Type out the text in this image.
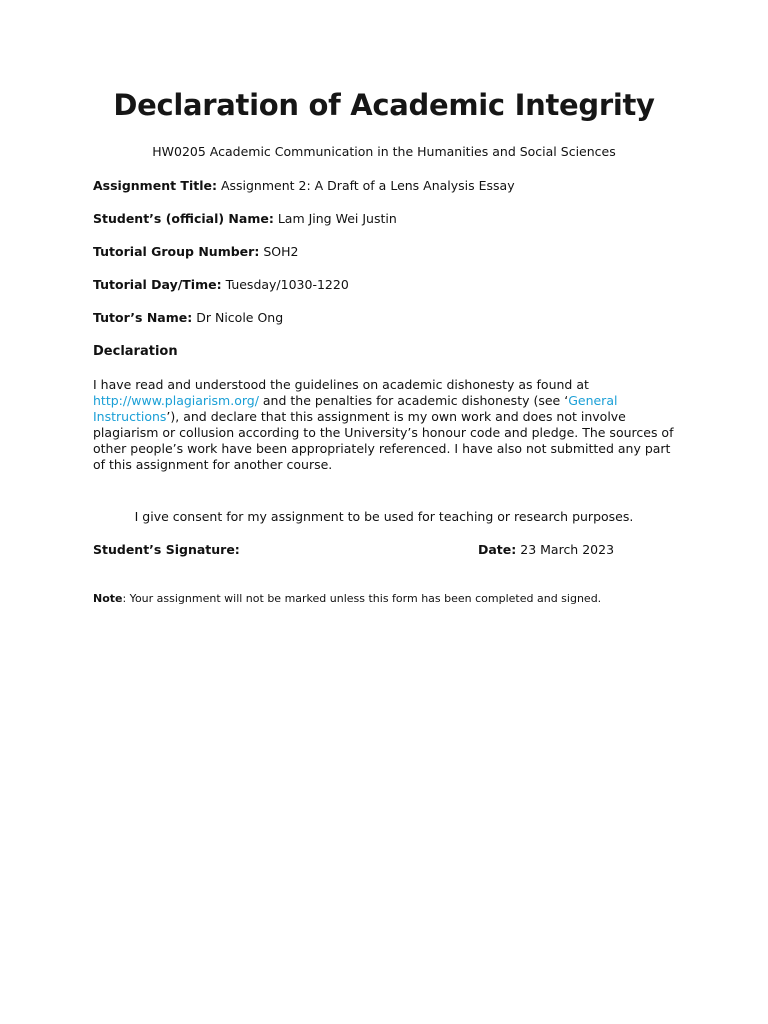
Declaration of Academic Integrity
HW0205 Academic Communication in the Humanities and Social Sciences
Assignment Title: Assignment 2: A Draft of a Lens Analysis Essay
Student’s (official) Name: Lam Jing Wei Justin
Tutorial Group Number: SOH2
Tutorial Day/Time: Tuesday/1030-1220
Tutor’s Name: Dr Nicole Ong
Declaration

I have read and understood the guidelines on academic dishonesty as found at http://www.plagiarism.org/ and the penalties for academic dishonesty (see ‘General Instructions’), and declare that this assignment is my own work and does not involve plagiarism or collusion according to the University’s honour code and pledge. The sources of other people’s work have been appropriately referenced. I have also not submitted any part of this assignment for another course.

I give consent for my assignment to be used for teaching or research purposes.
Student’s Signature:	Date: 23 March 2023
Note: Your assignment will not be marked unless this form has been completed and signed.
